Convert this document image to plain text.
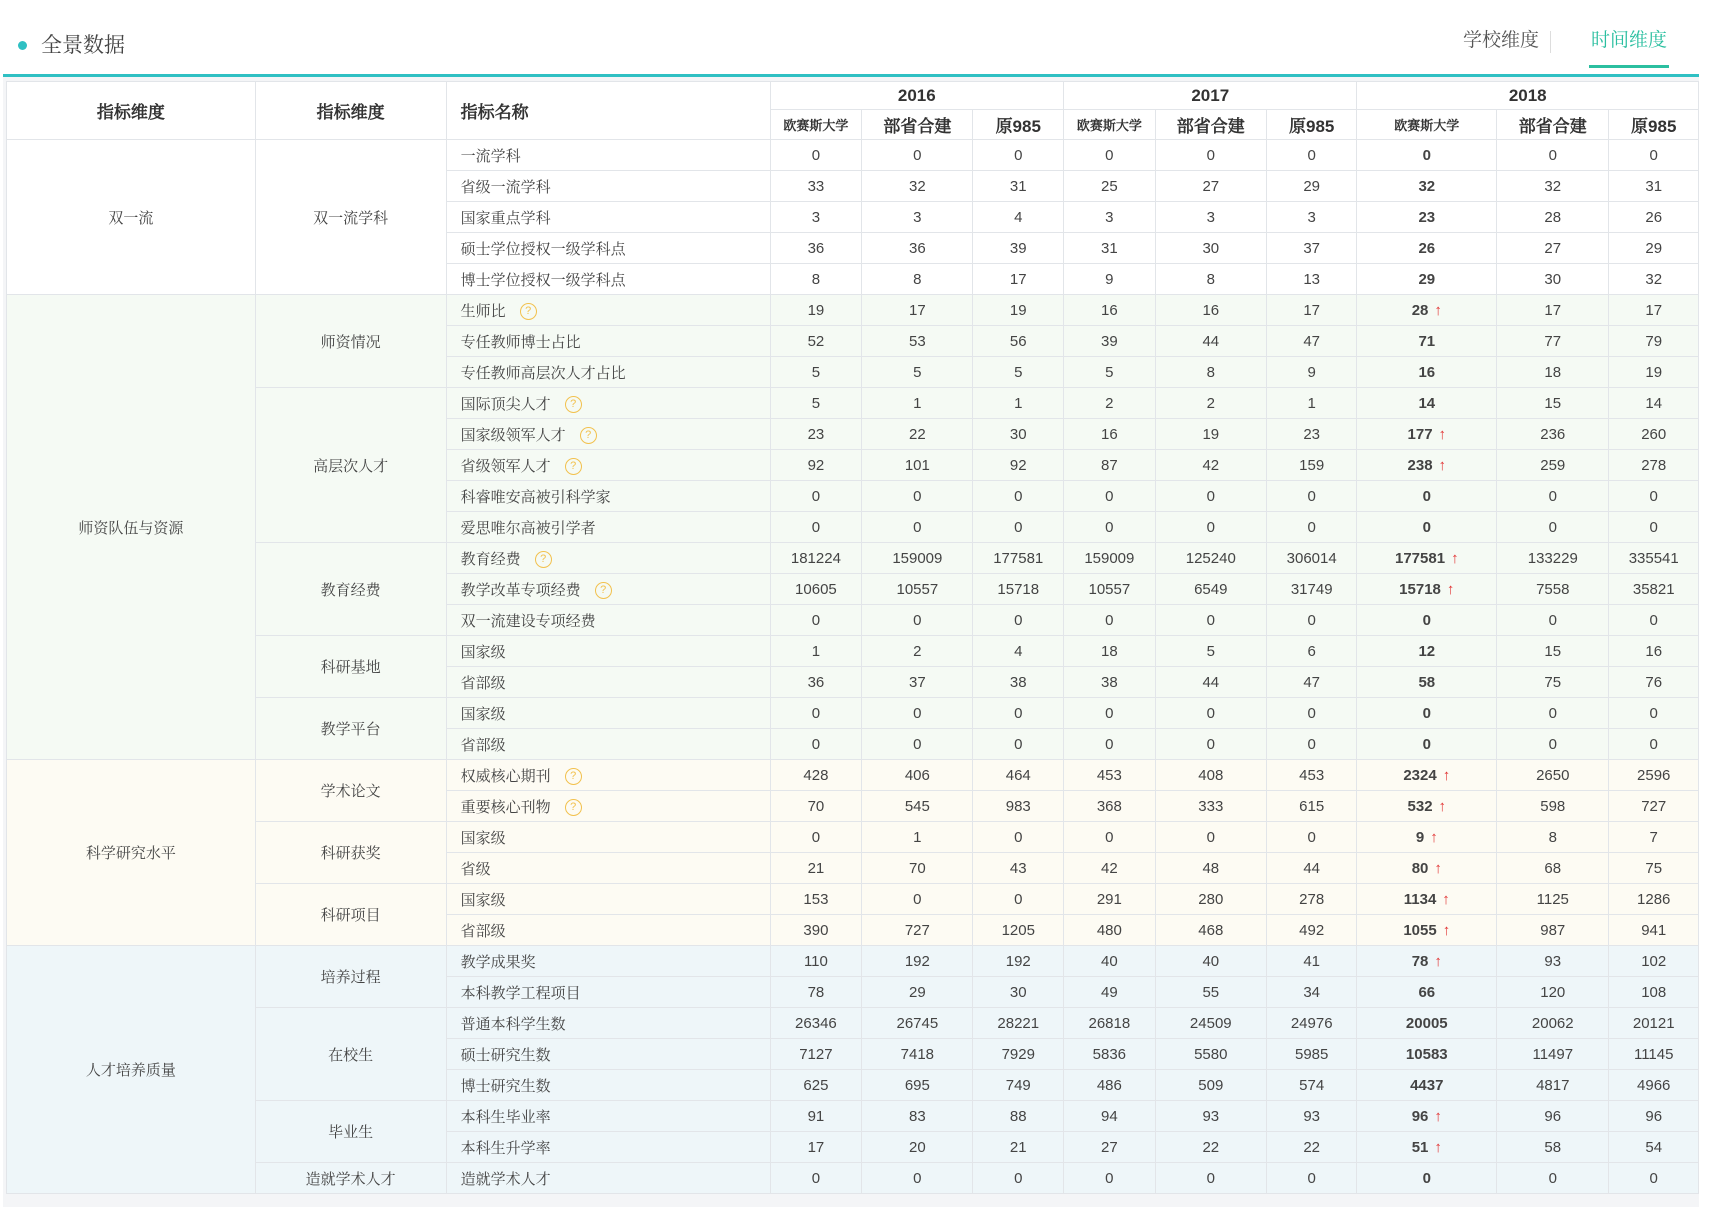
全景数据	学校维度	时间维度
指标维度	指标维度	指标名称	2016			2017			2018		
			欧赛斯大学	部省合建	原985	欧赛斯大学	部省合建	原985	欧赛斯大学	部省合建	原985
双一流	双一流学科	一流学科	0	0	0	0	0	0	0	0	0
		省级一流学科	33	32	31	25	27	29	32	32	31
		国家重点学科	3	3	4	3	3	3	23	28	26
		硕士学位授权一级学科点	36	36	39	31	30	37	26	27	29
		博士学位授权一级学科点	8	8	17	9	8	13	29	30	32
师资队伍与资源	师资情况	生师比 ?	19	17	19	16	16	17	28 ↑	17	17
		专任教师博士占比	52	53	56	39	44	47	71	77	79
		专任教师高层次人才占比	5	5	5	5	8	9	16	18	19
	高层次人才	国际顶尖人才 ?	5	1	1	2	2	1	14	15	14
		国家级领军人才 ?	23	22	30	16	19	23	177 ↑	236	260
		省级领军人才 ?	92	101	92	87	42	159	238 ↑	259	278
		科睿唯安高被引科学家	0	0	0	0	0	0	0	0	0
		爱思唯尔高被引学者	0	0	0	0	0	0	0	0	0
	教育经费	教育经费 ?	181224	159009	177581	159009	125240	306014	177581 ↑	133229	335541
		教学改革专项经费 ?	10605	10557	15718	10557	6549	31749	15718 ↑	7558	35821
		双一流建设专项经费	0	0	0	0	0	0	0	0	0
	科研基地	国家级	1	2	4	18	5	6	12	15	16
		省部级	36	37	38	38	44	47	58	75	76
	教学平台	国家级	0	0	0	0	0	0	0	0	0
		省部级	0	0	0	0	0	0	0	0	0
科学研究水平	学术论文	权威核心期刊 ?	428	406	464	453	408	453	2324 ↑	2650	2596
		重要核心刊物 ?	70	545	983	368	333	615	532 ↑	598	727
	科研获奖	国家级	0	1	0	0	0	0	9 ↑	8	7
		省级	21	70	43	42	48	44	80 ↑	68	75
	科研项目	国家级	153	0	0	291	280	278	1134 ↑	1125	1286
		省部级	390	727	1205	480	468	492	1055 ↑	987	941
人才培养质量	培养过程	教学成果奖	110	192	192	40	40	41	78 ↑	93	102
		本科教学工程项目	78	29	30	49	55	34	66	120	108
	在校生	普通本科学生数	26346	26745	28221	26818	24509	24976	20005	20062	20121
		硕士研究生数	7127	7418	7929	5836	5580	5985	10583	11497	11145
		博士研究生数	625	695	749	486	509	574	4437	4817	4966
	毕业生	本科生毕业率	91	83	88	94	93	93	96 ↑	96	96
		本科生升学率	17	20	21	27	22	22	51 ↑	58	54
	造就学术人才	造就学术人才	0	0	0	0	0	0	0	0	0
